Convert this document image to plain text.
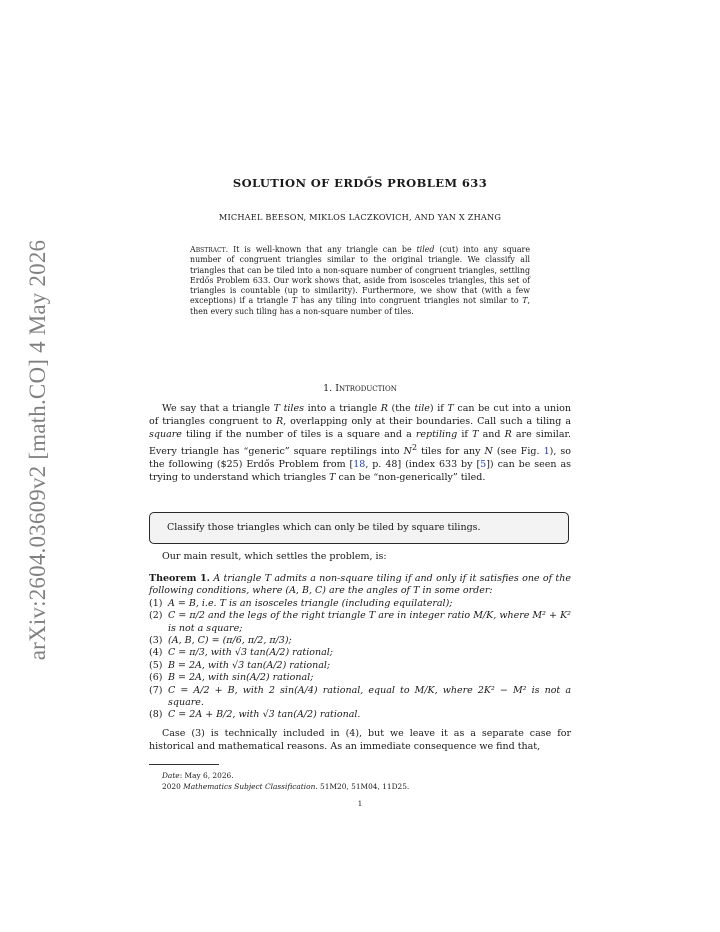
arXiv:2604.03609v2 [math.CO] 4 May 2026
SOLUTION OF ERDŐS PROBLEM 633
MICHAEL BEESON, MIKLOS LACZKOVICH, AND YAN X ZHANG
Abstract. It is well-known that any triangle can be tiled (cut) into any square number of congruent triangles similar to the original triangle. We classify all triangles that can be tiled into a non-square number of congruent triangles, settling Erdős Problem 633. Our work shows that, aside from isosceles triangles, this set of triangles is countable (up to similarity). Furthermore, we show that (with a few exceptions) if a triangle T has any tiling into congruent triangles not similar to T, then every such tiling has a non-square number of tiles.
1. Introduction
We say that a triangle T tiles into a triangle R (the tile) if T can be cut into a union of triangles congruent to R, overlapping only at their boundaries. Call such a tiling a square tiling if the number of tiles is a square and a reptiling if T and R are similar. Every triangle has “generic” square reptilings into $N^2$ tiles for any N (see Fig. 1), so the following ($25) Erdős Problem from [18, p. 48] (index 633 by [5]) can be seen as trying to understand which triangles T can be “non-generically” tiled.
Classify those triangles which can only be tiled by square tilings.
Our main result, which settles the problem, is:
Theorem 1. A triangle T admits a non-square tiling if and only if it satisfies one of the following conditions, where (A, B, C) are the angles of T in some order:
(1) A = B, i.e. T is an isosceles triangle (including equilateral);
(2) C = π/2 and the legs of the right triangle T are in integer ratio M/K, where M² + K² is not a square;
(3) (A, B, C) = (π/6, π/2, π/3);
(4) C = π/3, with √3 tan(A/2) rational;
(5) B = 2A, with √3 tan(A/2) rational;
(6) B = 2A, with sin(A/2) rational;
(7) C = A/2 + B, with 2 sin(A/4) rational, equal to M/K, where 2K² − M² is not a square.
(8) C = 2A + B/2, with √3 tan(A/2) rational.
Case (3) is technically included in (4), but we leave it as a separate case for historical and mathematical reasons. As an immediate consequence we find that,
Date: May 6, 2026.
2020 Mathematics Subject Classification. 51M20, 51M04, 11D25.
1
